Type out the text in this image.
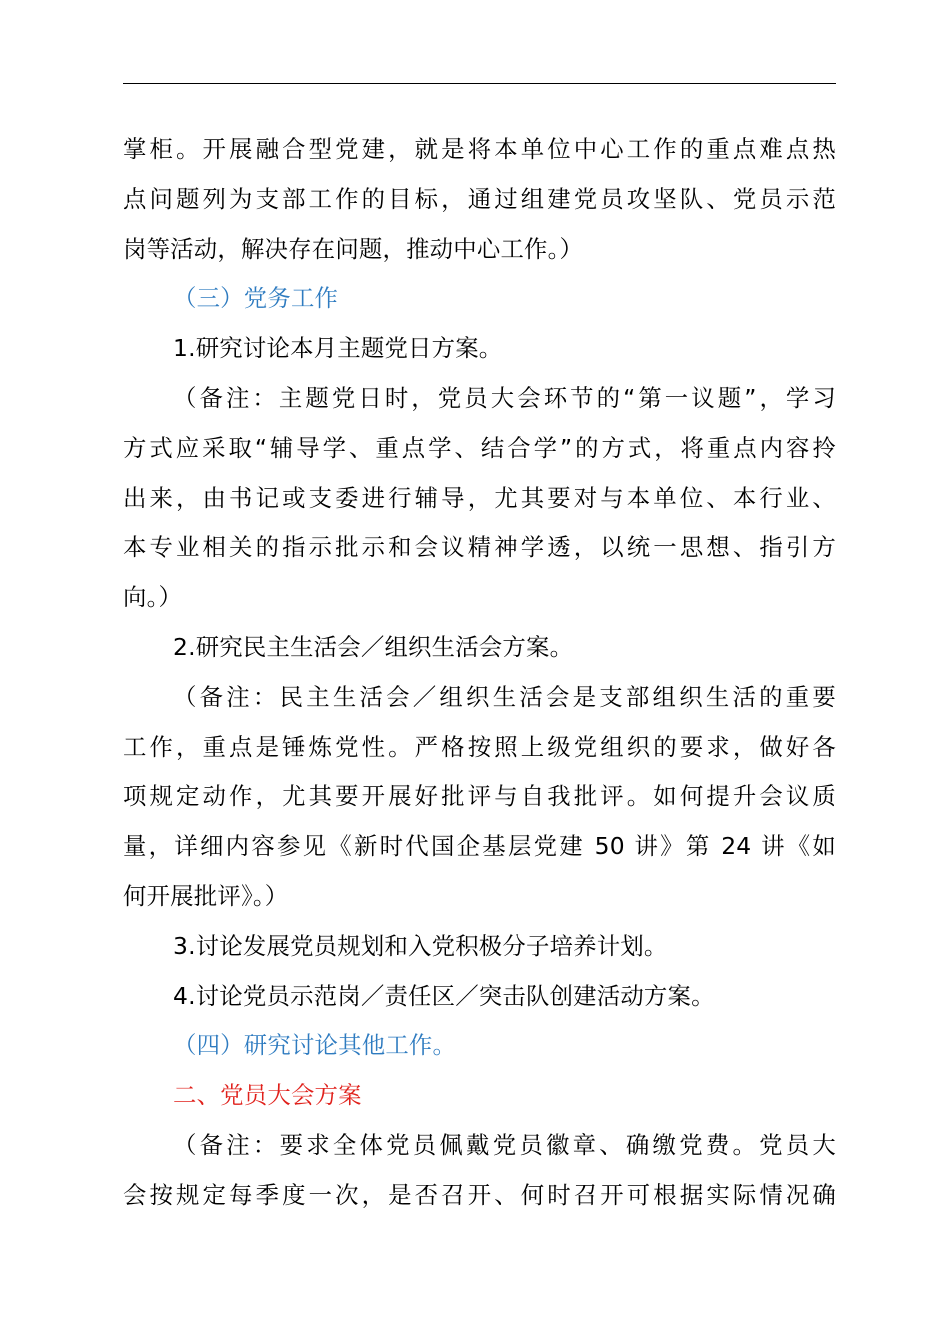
掌柜。开展融合型党建，就是将本单位中心工作的重点难点热
点问题列为支部工作的目标，通过组建党员攻坚队、党员示范
岗等活动，解决存在问题，推动中心工作。）
（三）党务工作
1.研究讨论本月主题党日方案。
（备注：主题党日时，党员大会环节的“第一议题”，学习
方式应采取“辅导学、重点学、结合学”的方式，将重点内容拎
出来，由书记或支委进行辅导，尤其要对与本单位、本行业、
本专业相关的指示批示和会议精神学透，以统一思想、指引方
向。）
2.研究民主生活会／组织生活会方案。
（备注：民主生活会／组织生活会是支部组织生活的重要
工作，重点是锤炼党性。严格按照上级党组织的要求，做好各
项规定动作，尤其要开展好批评与自我批评。如何提升会议质
量，详细内容参见《新时代国企基层党建 50 讲》第 24 讲《如
何开展批评》。）
3.讨论发展党员规划和入党积极分子培养计划。
4.讨论党员示范岗／责任区／突击队创建活动方案。
（四）研究讨论其他工作。
二、党员大会方案
（备注：要求全体党员佩戴党员徽章、确缴党费。党员大
会按规定每季度一次，是否召开、何时召开可根据实际情况确
